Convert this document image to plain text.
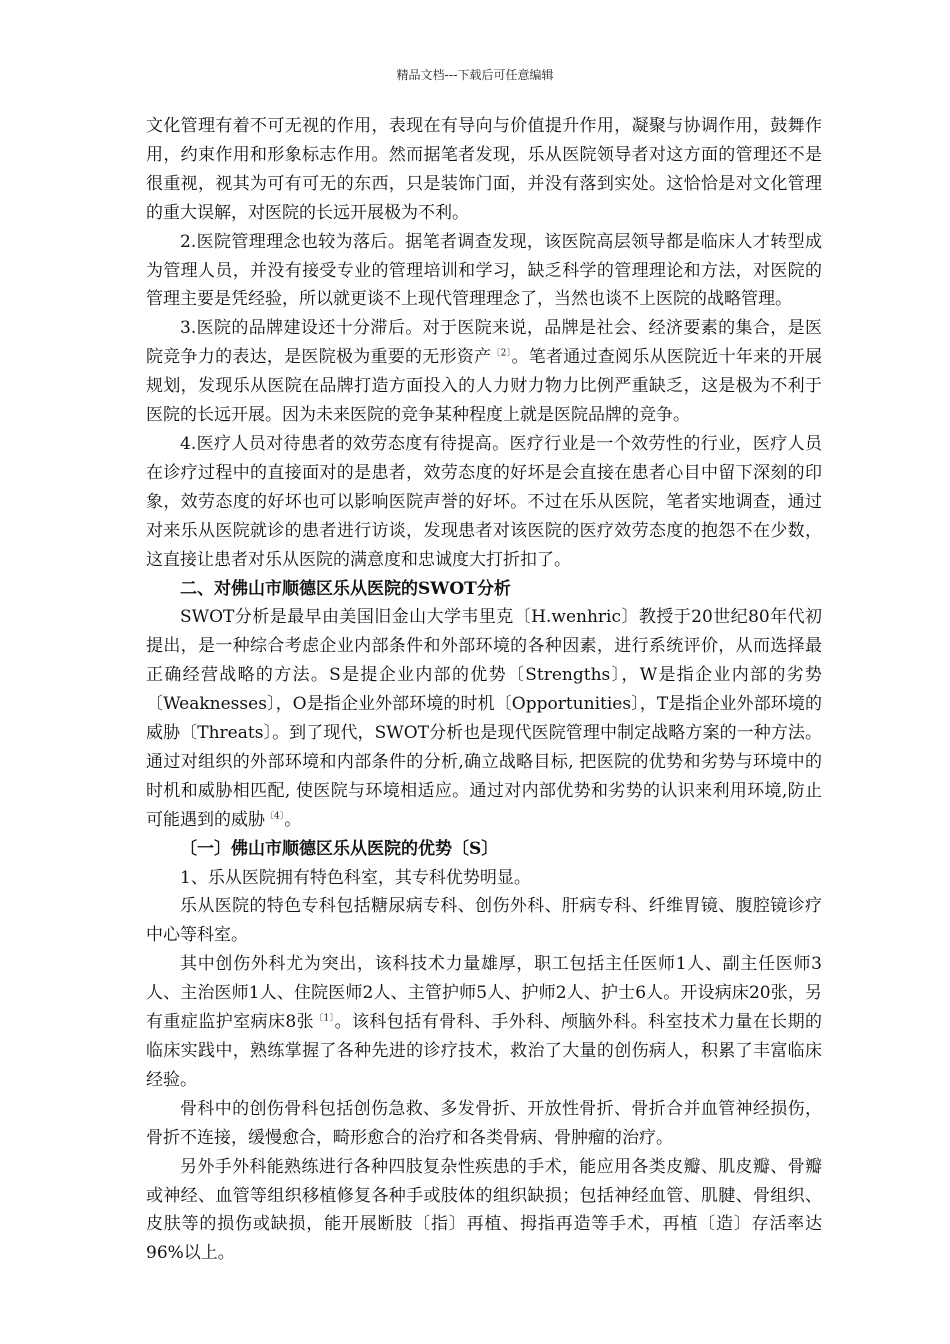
精品文档---下载后可任意编辑

文化管理有着不可无视的作用，表现在有导向与价值提升作用，凝聚与协调作用，鼓舞作用，约束作用和形象标志作用。然而据笔者发现，乐从医院领导者对这方面的管理还不是很重视，视其为可有可无的东西，只是装饰门面，并没有落到实处。这恰恰是对文化管理的重大误解，对医院的长远开展极为不利。

2.医院管理理念也较为落后。据笔者调查发现，该医院高层领导都是临床人才转型成为管理人员，并没有接受专业的管理培训和学习，缺乏科学的管理理论和方法，对医院的管理主要是凭经验，所以就更谈不上现代管理理念了，当然也谈不上医院的战略管理。

3.医院的品牌建设还十分滞后。对于医院来说，品牌是社会、经济要素的集合，是医院竞争力的表达，是医院极为重要的无形资产$^{〔2〕}$。笔者通过查阅乐从医院近十年来的开展规划，发现乐从医院在品牌打造方面投入的人力财力物力比例严重缺乏，这是极为不利于医院的长远开展。因为未来医院的竞争某种程度上就是医院品牌的竞争。

4.医疗人员对待患者的效劳态度有待提高。医疗行业是一个效劳性的行业，医疗人员在诊疗过程中的直接面对的是患者，效劳态度的好坏是会直接在患者心目中留下深刻的印象，效劳态度的好坏也可以影响医院声誉的好坏。不过在乐从医院，笔者实地调查，通过对来乐从医院就诊的患者进行访谈，发现患者对该医院的医疗效劳态度的抱怨不在少数，这直接让患者对乐从医院的满意度和忠诚度大打折扣了。

二、对佛山市顺德区乐从医院的SWOT分析

SWOT分析是最早由美国旧金山大学韦里克〔H.wenhric〕教授于20世纪80年代初提出，是一种综合考虑企业内部条件和外部环境的各种因素，进行系统评价，从而选择最正确经营战略的方法。S是提企业内部的优势〔Strengths〕，W是指企业内部的劣势〔Weaknesses〕，O是指企业外部环境的时机〔Opportunities〕，T是指企业外部环境的威胁〔Threats〕。到了现代，SWOT分析也是现代医院管理中制定战略方案的一种方法。通过对组织的外部环境和内部条件的分析,确立战略目标, 把医院的优势和劣势与环境中的时机和威胁相匹配, 使医院与环境相适应。通过对内部优势和劣势的认识来利用环境,防止可能遇到的威胁$^{〔4〕}$。

〔一〕佛山市顺德区乐从医院的优势〔S〕

1、乐从医院拥有特色科室，其专科优势明显。

乐从医院的特色专科包括糖尿病专科、创伤外科、肝病专科、纤维胃镜、腹腔镜诊疗中心等科室。

其中创伤外科尤为突出，该科技术力量雄厚，职工包括主任医师1人、副主任医师3人、主治医师1人、住院医师2人、主管护师5人、护师2人、护士6人。开设病床20张，另有重症监护室病床8张$^{〔1〕}$。该科包括有骨科、手外科、颅脑外科。科室技术力量在长期的临床实践中，熟练掌握了各种先进的诊疗技术，救治了大量的创伤病人，积累了丰富临床经验。

骨科中的创伤骨科包括创伤急救、多发骨折、开放性骨折、骨折合并血管神经损伤，骨折不连接，缓慢愈合，畸形愈合的治疗和各类骨病、骨肿瘤的治疗。

另外手外科能熟练进行各种四肢复杂性疾患的手术，能应用各类皮瓣、肌皮瓣、骨瓣或神经、血管等组织移植修复各种手或肢体的组织缺损；包括神经血管、肌腱、骨组织、皮肤等的损伤或缺损，能开展断肢〔指〕再植、拇指再造等手术，再植〔造〕存活率达96%以上。
